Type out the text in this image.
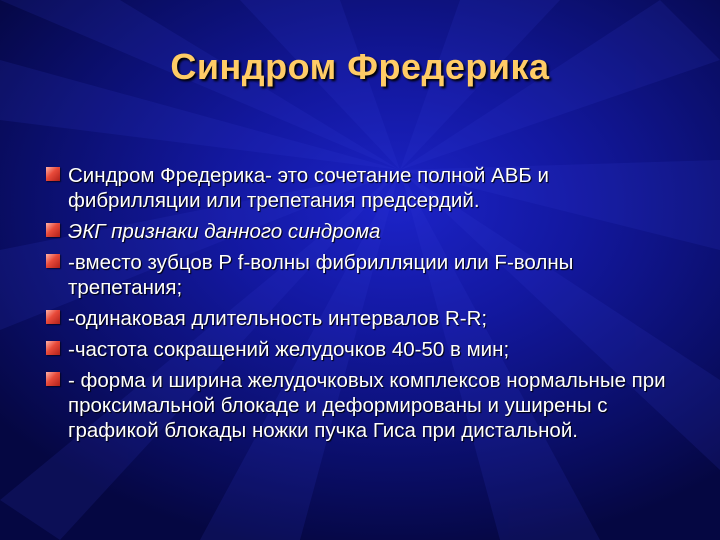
Синдром Фредерика
Синдром Фредерика- это сочетание полной АВБ и фибрилляции или трепетания предсердий.
ЭКГ признаки данного синдрома
-вместо зубцов Р f-волны фибрилляции или F-волны трепетания;
-одинаковая длительность интервалов R-R;
-частота сокращений желудочков 40-50 в мин;
- форма и ширина желудочковых комплексов нормальные при проксимальной блокаде и деформированы и уширены с графикой блокады ножки пучка Гиса при дистальной.
